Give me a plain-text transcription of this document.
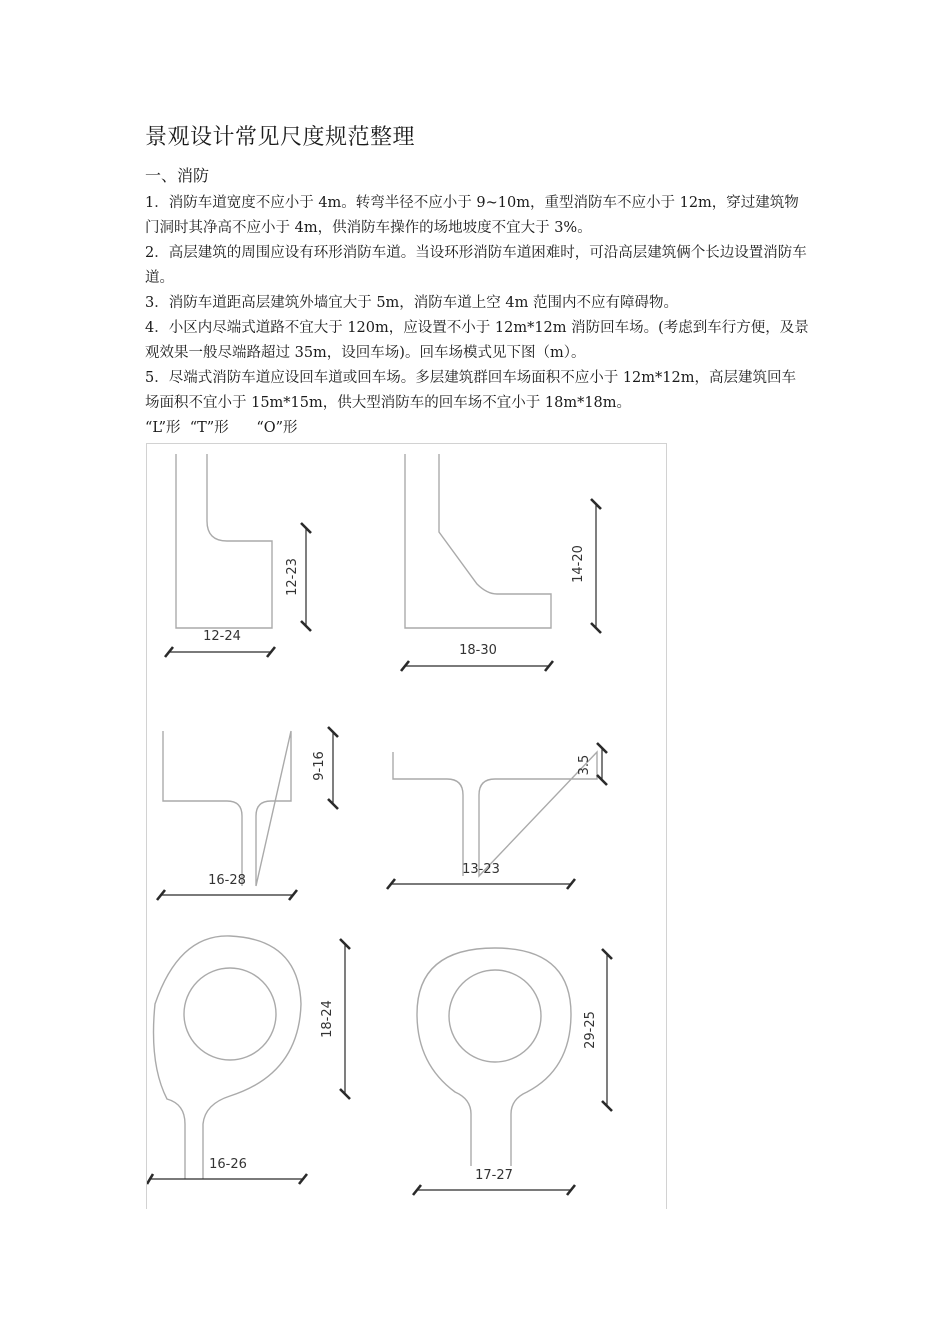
景观设计常见尺度规范整理
一、消防
1．消防车道宽度不应小于 4m。转弯半径不应小于 9~10m，重型消防车不应小于 12m，穿过建筑物门洞时其净高不应小于 4m，供消防车操作的场地坡度不宜大于 3%。
2．高层建筑的周围应设有环形消防车道。当设环形消防车道困难时，可沿高层建筑俩个长边设置消防车道。
3．消防车道距高层建筑外墙宜大于 5m，消防车道上空 4m 范围内不应有障碍物。
4．小区内尽端式道路不宜大于 120m，应设置不小于 12m*12m 消防回车场。(考虑到车行方便，及景观效果一般尽端路超过 35m，设回车场)。回车场模式见下图（m）。
5．尽端式消防车道应设回车道或回车场。多层建筑群回车场面积不应小于 12m*12m，高层建筑回车场面积不宜小于 15m*15m，供大型消防车的回车场不宜小于 18m*18m。
“L”形  “T”形      “O”形
12-24
12-23
18-30
14-20
16-28
9-16
13-23
3.5
16-26
18-24
17-27
29-25
